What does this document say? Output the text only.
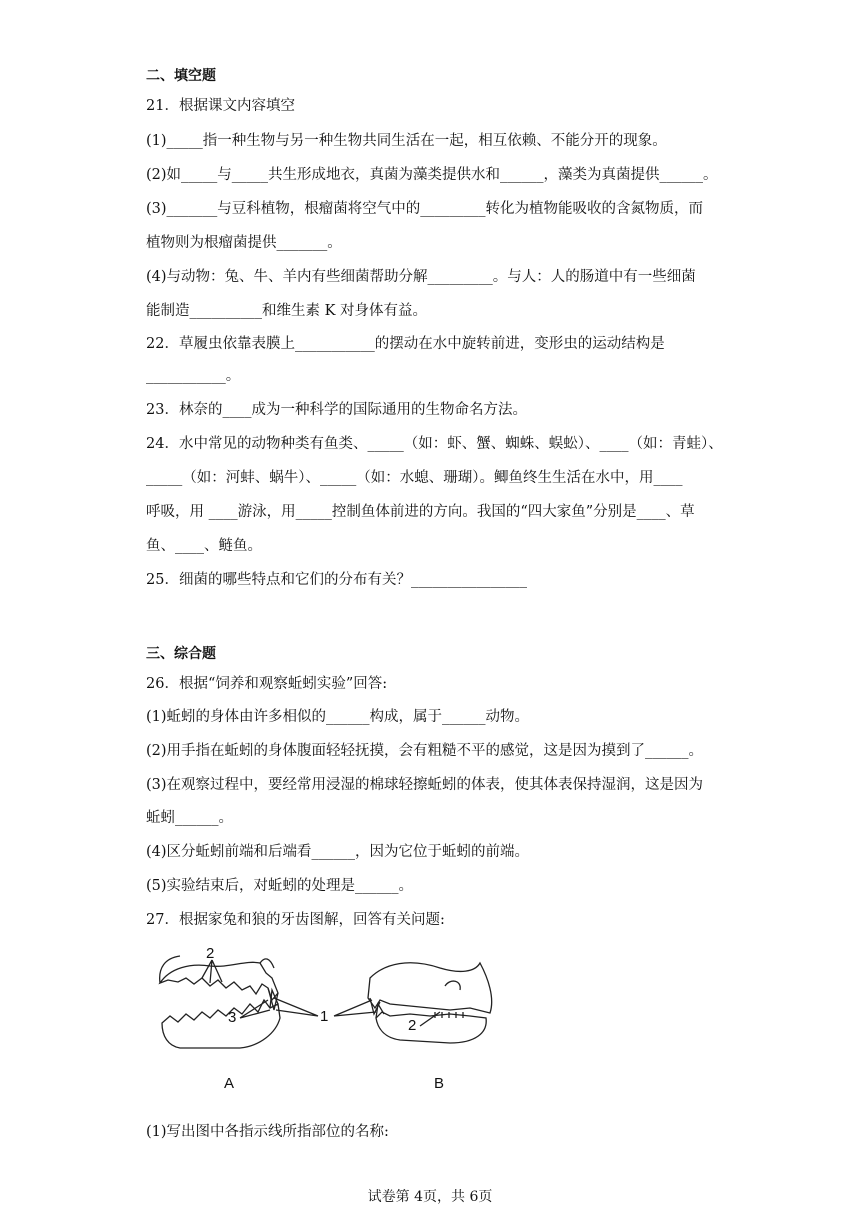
二、填空题
21．根据课文内容填空
(1)_____指一种生物与另一种生物共同生活在一起，相互依赖、不能分开的现象。
(2)如_____与_____共生形成地衣，真菌为藻类提供水和______，藻类为真菌提供______。
(3)_______与豆科植物，根瘤菌将空气中的_________转化为植物能吸收的含氮物质，而
植物则为根瘤菌提供_______。
(4)与动物：兔、牛、羊内有些细菌帮助分解_________。与人：人的肠道中有一些细菌
能制造__________和维生素 K 对身体有益。
22．草履虫依靠表膜上___________的摆动在水中旋转前进，变形虫的运动结构是
___________。
23．林奈的____成为一种科学的国际通用的生物命名方法。
24．水中常见的动物种类有鱼类、_____（如：虾、蟹、蜘蛛、蜈蚣）、____（如：青蛙）、
_____（如：河蚌、蜗牛）、_____（如：水螅、珊瑚）。鲫鱼终生生活在水中，用____
呼吸，用 ____游泳，用_____控制鱼体前进的方向。我国的“四大家鱼”分别是____、草
鱼、____、鲢鱼。
25．细菌的哪些特点和它们的分布有关？________________
三、综合题
26．根据“饲养和观察蚯蚓实验”回答:
(1)蚯蚓的身体由许多相似的______构成，属于______动物。
(2)用手指在蚯蚓的身体腹面轻轻抚摸，会有粗糙不平的感觉，这是因为摸到了______。
(3)在观察过程中，要经常用浸湿的棉球轻擦蚯蚓的体表，使其体表保持湿润，这是因为
蚯蚓______。
(4)区分蚯蚓前端和后端看______，因为它位于蚯蚓的前端。
(5)实验结束后，对蚯蚓的处理是______。
27．根据家兔和狼的牙齿图解，回答有关问题:
2
3	1
2
A	B
(1)写出图中各指示线所指部位的名称:
试卷第 4页，共 6页
